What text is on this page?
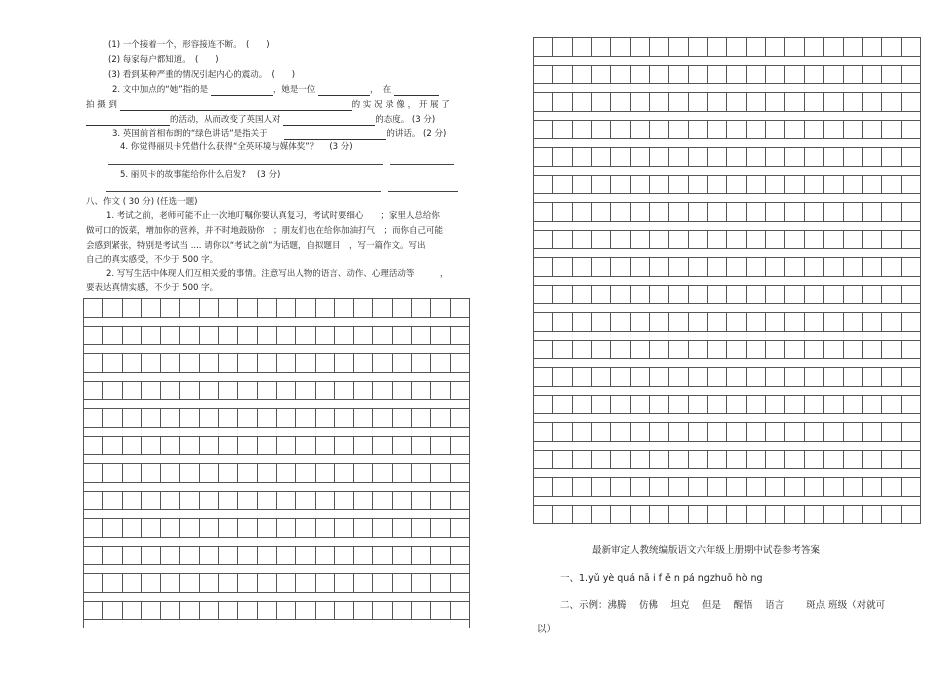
(1) 一个接着一个，形容接连不断。　(　　)
(2) 每家每户都知道。　(　　)
(3) 看到某种严重的情况引起内心的震动。　(　　)
2. 文中加点的“她”指的是	，她是一位	，　在
拍 摄 到	的 实 况 录 像 ， 开 展 了
的活动，从而改变了英国人对	的态度。 (3 分)
3. 英国前首相布朗的“绿色讲话”是指关于	的讲话。 (2 分)
4. 你觉得丽贝卡凭借什么获得“全英环境与媒体奖”？　 (3 分)
5. 丽贝卡的故事能给你什么启发?　 (3 分)
八、作文 ( 30 分) (任选一题)
1. 考试之前，老师可能不止一次地叮嘱你要认真复习，考试时要细心　　；家里人总给你
做可口的饭菜，增加你的营养，并不时地鼓励你　；朋友们也在给你加油打气　；而你自己可能
会感到紧张，特别是考试当 .... 请你以“考试之前”为话题，自拟题目　，写一篇作文。写出
自己的真实感受，不少于 500 字。
2. 写写生活中体现人们互相关爱的事情。注意写出人物的语言、动作、心理活动等　　　，
要表达真情实感，不少于 500 字。
最新审定人教统编版语文六年级上册期中试卷参考答案
一、1.yǔ yè quá nā i f ě n pá ngzhuō hò ng
二、示例：沸腾　 仿佛　 坦克　 但是　 醒悟　 语言　　 斑点 班级（对就可
以）
